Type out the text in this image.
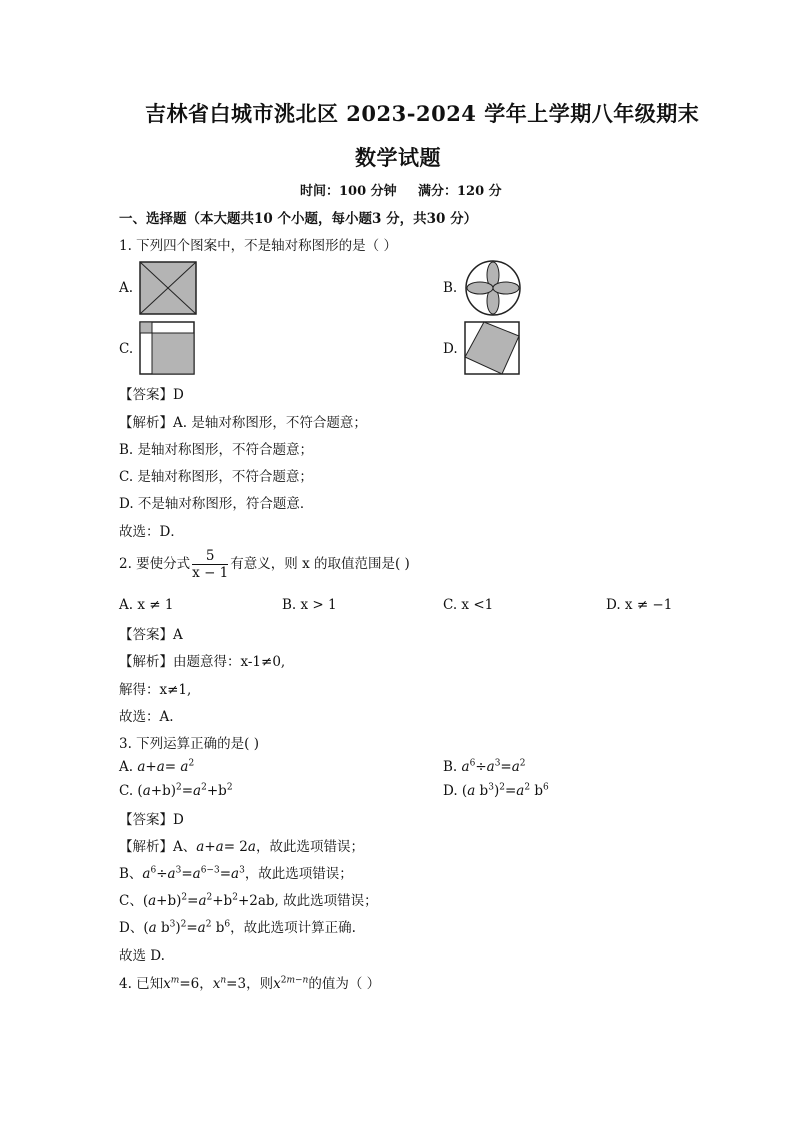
吉林省白城市洮北区 2023-2024 学年上学期八年级期末
数学试题
时间：100 分钟 满分：120 分
一、选择题（本大题共10 个小题，每小题3 分，共30 分）
1. 下列四个图案中，不是轴对称图形的是（ ）
A.	B.
C.	D.
【答案】D
【解析】A. 是轴对称图形，不符合题意；
B. 是轴对称图形，不符合题意；
C. 是轴对称图形，不符合题意；
D. 不是轴对称图形，符合题意．
故选：D．
2. 要使分式 $\frac{5}{x - 1}$ 有意义，则 x 的取值范围是( )
A. x ≠ 1	B. x > 1	C. x <1	D. x ≠ −1
【答案】A
【解析】由题意得：x-1≠0,
解得：x≠1,
故选：A.
3. 下列运算正确的是( )
A. $a+a= a^2$	B. $a^6\div a^3=a^2$
C. $(a+b)^2=a^2+b^2$	D. (a $b^3)^2=a^2$ $b^6$
【答案】D
【解析】A、a+a= 2a，故此选项错误；
B、$a^6\div a^3=a^{6-3}=a^3$，故此选项错误；
C、$(a+b)^2=a^2+b^2+2ab$, 故此选项错误；
D、(a $b^3)^2=a^2$ $b^6$，故此选项计算正确.
故选 D.
4. 已知$x^m=6$，$x^n=3$，则$x^{2m-n}$的值为（ ）
